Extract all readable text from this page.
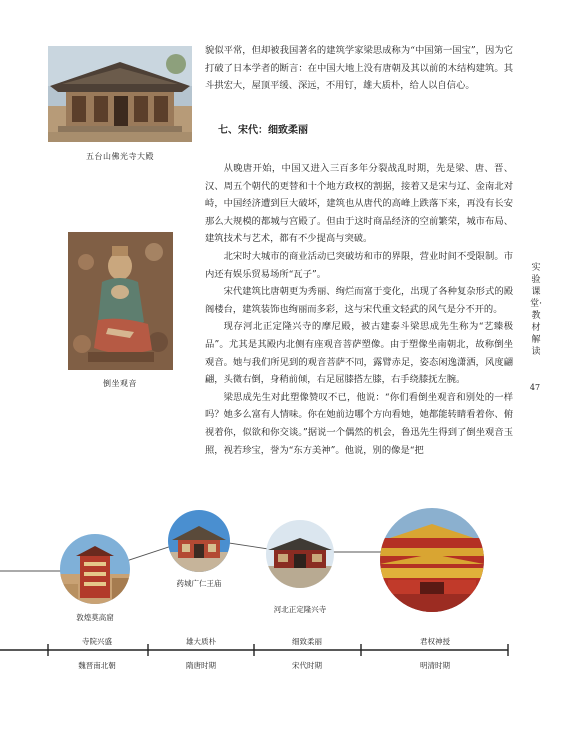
五台山佛光寺大殿
倒坐观音

貌似平常，但却被我国著名的建筑学家梁思成称为“中国第一国宝”，因为它打破了日本学者的断言：在中国大地上没有唐朝及其以前的木结构建筑。其斗拱宏大，屋顶平缓、深远，不用钉，雄大质朴，给人以自信心。

七、宋代：细致柔丽

从晚唐开始，中国又进入三百多年分裂战乱时期，先是梁、唐、晋、汉、周五个朝代的更替和十个地方政权的割据，接着又是宋与辽、金南北对峙，中国经济遭到巨大破坏，建筑也从唐代的高峰上跌落下来，再没有长安那么大规模的都城与宫殿了。但由于这时商品经济的空前繁荣，城市布局、建筑技术与艺术，都有不少提高与突破。

北宋时大城市的商业活动已突破坊和市的界限，营业时间不受限制。市内还有娱乐贸易场所“瓦子”。

宋代建筑比唐朝更为秀丽、绚烂而富于变化，出现了各种复杂形式的殿阁楼台，建筑装饰也绚丽而多彩，这与宋代重文轻武的风气是分不开的。

现存河北正定隆兴寺的摩尼殿，被古建泰斗梁思成先生称为“艺臻极品”。尤其是其殿内北侧有座观音菩萨塑像。由于塑像坐南朝北，故称倒坐观音。她与我们所见到的观音菩萨不同，露臂赤足，姿态闲逸潇洒，风度翩翩，头微右倒，身稍前倾，右足屈膝搭左膝，右手绕膝抚左腕。

梁思成先生对此塑像赞叹不已，他说：“你们看倒坐观音和别处的一样吗？她多么富有人情味。你在她前边哪个方向看她，她都能转睛看着你、俯视着你，似欲和你交谈。”据说一个偶然的机会，鲁迅先生得到了倒坐观音玉照，视若珍宝，誉为“东方美神”。他说，别的像是“把

实验课堂·教材解读
47
敦煌莫高窟
药城广仁王庙
河北正定隆兴寺
寺院兴盛	雄大质朴	细致柔丽	君权神授
魏晋南北朝	隋唐时期	宋代时期	明清时期
